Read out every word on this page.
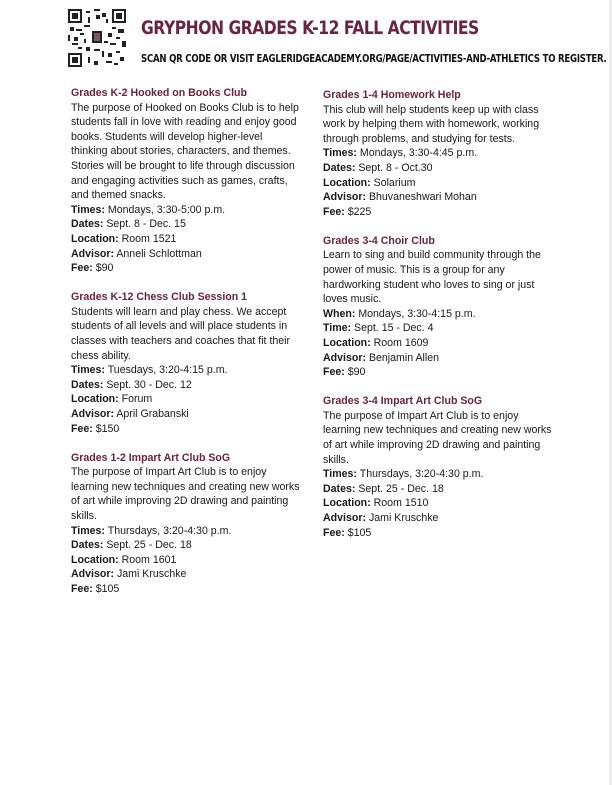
GRYPHON GRADES K-12 FALL ACTIVITIES
SCAN QR CODE OR VISIT EAGLERIDGEACADEMY.ORG/PAGE/ACTIVITIES-AND-ATHLETICS TO REGISTER.
Grades K-2 Hooked on Books Club
The purpose of Hooked on Books Club is to help students fall in love with reading and enjoy good books. Students will develop higher-level thinking about stories, characters, and themes. Stories will be brought to life through discussion and engaging activities such as games, crafts, and themed snacks.
Times: Mondays, 3:30-5:00 p.m.
Dates: Sept. 8 - Dec. 15
Location: Room 1521
Advisor: Anneli Schlottman
Fee: $90
Grades K-12 Chess Club Session 1
Students will learn and play chess. We accept students of all levels and will place students in classes with teachers and coaches that fit their chess ability.
Times: Tuesdays, 3:20-4:15 p.m.
Dates: Sept. 30 - Dec. 12
Location: Forum
Advisor: April Grabanski
Fee: $150
Grades 1-2 Impart Art Club SoG
The purpose of Impart Art Club is to enjoy learning new techniques and creating new works of art while improving 2D drawing and painting skills.
Times: Thursdays, 3:20-4:30 p.m.
Dates: Sept. 25 - Dec. 18
Location: Room 1601
Advisor: Jami Kruschke
Fee: $105
Grades 1-4 Homework Help
This club will help students keep up with class work by helping them with homework, working through problems, and studying for tests.
Times: Mondays, 3:30-4:45 p.m.
Dates: Sept. 8 - Oct.30
Location: Solarium
Advisor: Bhuvaneshwari Mohan
Fee: $225
Grades 3-4 Choir Club
Learn to sing and build community through the power of music. This is a group for any hardworking student who loves to sing or just loves music.
When: Mondays, 3:30-4:15 p.m.
Time: Sept. 15 - Dec. 4
Location: Room 1609
Advisor: Benjamin Allen
Fee: $90
Grades 3-4 Impart Art Club SoG
The purpose of Impart Art Club is to enjoy learning new techniques and creating new works of art while improving 2D drawing and painting skills.
Times: Thursdays, 3:20-4:30 p.m.
Dates: Sept. 25 - Dec. 18
Location: Room 1510
Advisor: Jami Kruschke
Fee: $105
